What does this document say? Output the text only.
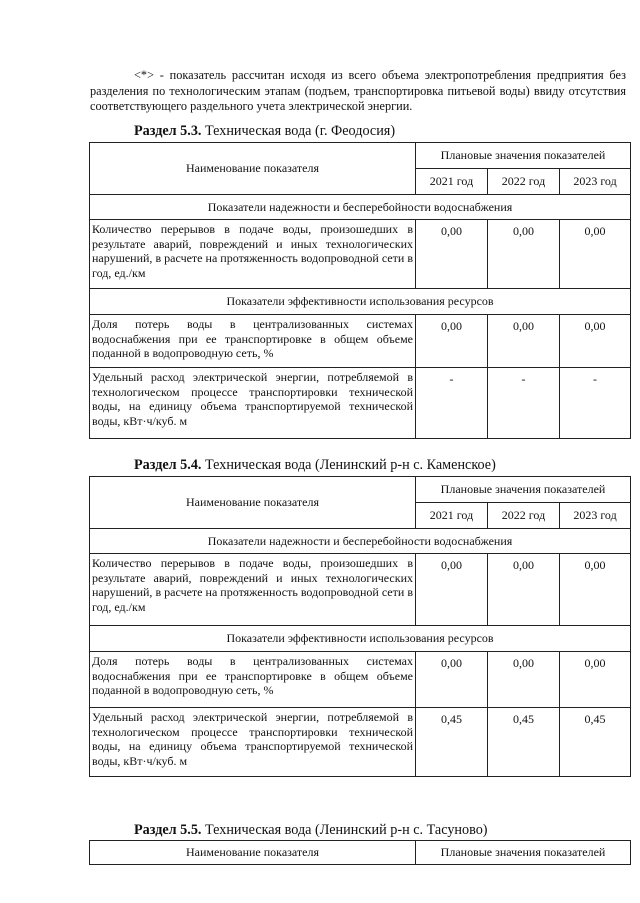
<*> - показатель рассчитан исходя из всего объема электропотребления предприятия без разделения по технологическим этапам (подъем, транспортировка питьевой воды) ввиду отсутствия соответствующего раздельного учета электрической энергии.

Раздел 5.3. Техническая вода (г. Феодосия)
Наименование показателя	Плановые значения показателей		
	2021 год	2022 год	2023 год
Показатели надежности и бесперебойности водоснабжения			
Количество перерывов в подаче воды, произошедших в результате аварий, повреждений и иных технологических нарушений, в расчете на протяженность водопроводной сети в год, ед./км	0,00	0,00	0,00
Показатели эффективности использования ресурсов			
Доля потерь воды в централизованных системах водоснабжения при ее транспортировке в общем объеме поданной в водопроводную сеть, %	0,00	0,00	0,00
Удельный расход электрической энергии, потребляемой в технологическом процессе транспортировки технической воды, на единицу объема транспортируемой технической воды, кВт·ч/куб. м	-	-	-
Раздел 5.4. Техническая вода (Ленинский р-н с. Каменское)
Наименование показателя	Плановые значения показателей		
	2021 год	2022 год	2023 год
Показатели надежности и бесперебойности водоснабжения			
Количество перерывов в подаче воды, произошедших в результате аварий, повреждений и иных технологических нарушений, в расчете на протяженность водопроводной сети в год, ед./км	0,00	0,00	0,00
Показатели эффективности использования ресурсов			
Доля потерь воды в централизованных системах водоснабжения при ее транспортировке в общем объеме поданной в водопроводную сеть, %	0,00	0,00	0,00
Удельный расход электрической энергии, потребляемой в технологическом процессе транспортировки технической воды, на единицу объема транспортируемой технической воды, кВт·ч/куб. м	0,45	0,45	0,45
Раздел 5.5. Техническая вода (Ленинский р-н с. Тасуново)
Наименование показателя	Плановые значения показателей
